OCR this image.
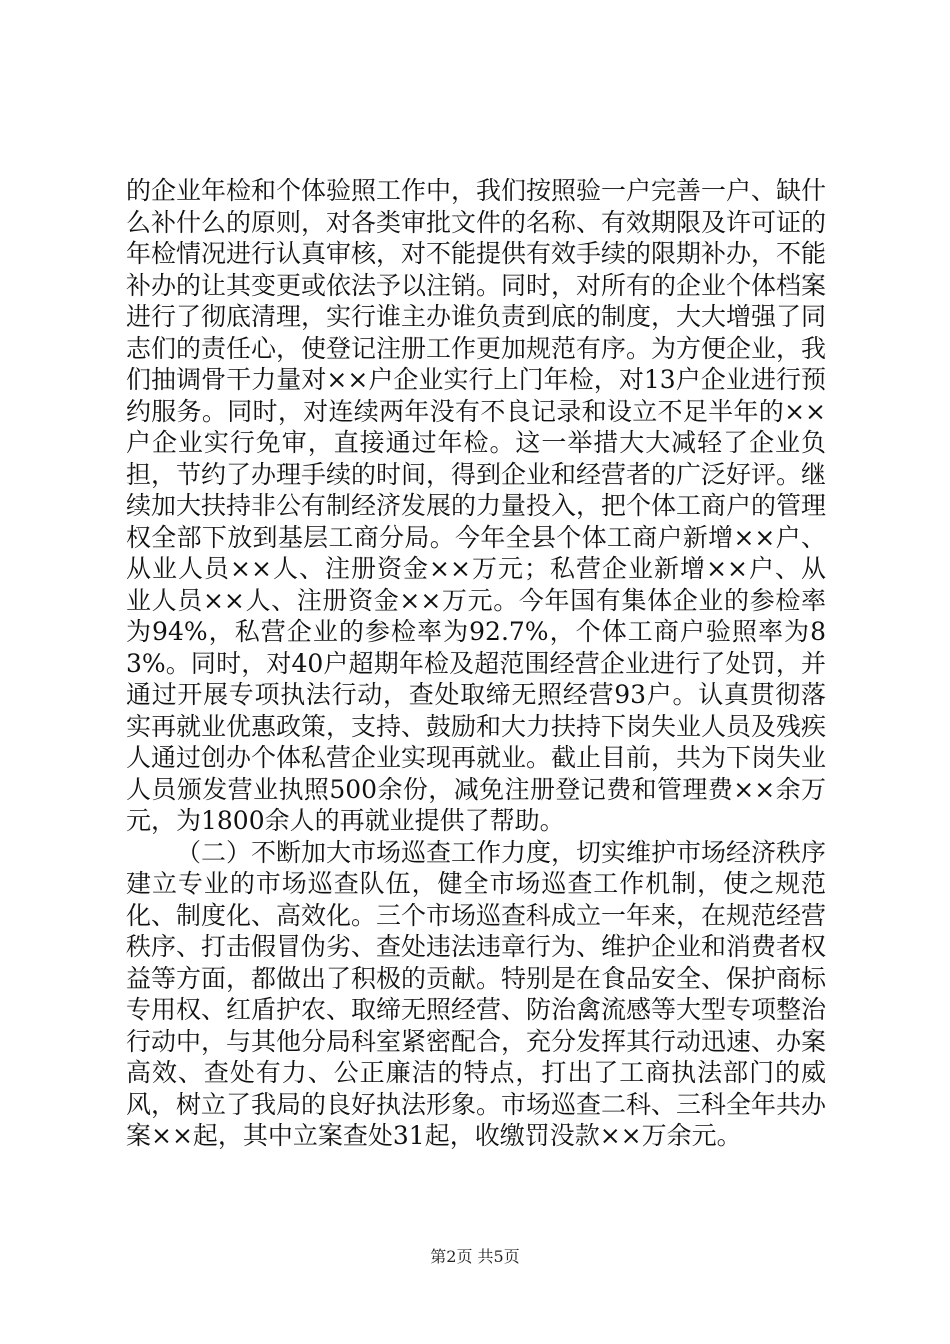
的企业年检和个体验照工作中，我们按照验一户完善一户、缺什么补什么的原则，对各类审批文件的名称、有效期限及许可证的年检情况进行认真审核，对不能提供有效手续的限期补办，不能补办的让其变更或依法予以注销。同时，对所有的企业个体档案进行了彻底清理，实行谁主办谁负责到底的制度，大大增强了同志们的责任心，使登记注册工作更加规范有序。为方便企业，我们抽调骨干力量对××户企业实行上门年检，对13户企业进行预约服务。同时，对连续两年没有不良记录和设立不足半年的××户企业实行免审，直接通过年检。这一举措大大减轻了企业负担，节约了办理手续的时间，得到企业和经营者的广泛好评。继续加大扶持非公有制经济发展的力量投入，把个体工商户的管理权全部下放到基层工商分局。今年全县个体工商户新增××户、从业人员××人、注册资金××万元；私营企业新增××户、从业人员××人、注册资金××万元。今年国有集体企业的参检率为94%，私营企业的参检率为92.7%，个体工商户验照率为83%。同时，对40户超期年检及超范围经营企业进行了处罚，并通过开展专项执法行动，查处取缔无照经营93户。认真贯彻落实再就业优惠政策，支持、鼓励和大力扶持下岗失业人员及残疾人通过创办个体私营企业实现再就业。截止目前，共为下岗失业人员颁发营业执照500余份，减免注册登记费和管理费××余万元，为1800余人的再就业提供了帮助。

（二）不断加大市场巡查工作力度，切实维护市场经济秩序建立专业的市场巡查队伍，健全市场巡查工作机制，使之规范化、制度化、高效化。三个市场巡查科成立一年来，在规范经营秩序、打击假冒伪劣、查处违法违章行为、维护企业和消费者权益等方面，都做出了积极的贡献。特别是在食品安全、保护商标专用权、红盾护农、取缔无照经营、防治禽流感等大型专项整治行动中，与其他分局科室紧密配合，充分发挥其行动迅速、办案高效、查处有力、公正廉洁的特点，打出了工商执法部门的威风，树立了我局的良好执法形象。市场巡查二科、三科全年共办案××起，其中立案查处31起，收缴罚没款××万余元。

第2页 共5页
